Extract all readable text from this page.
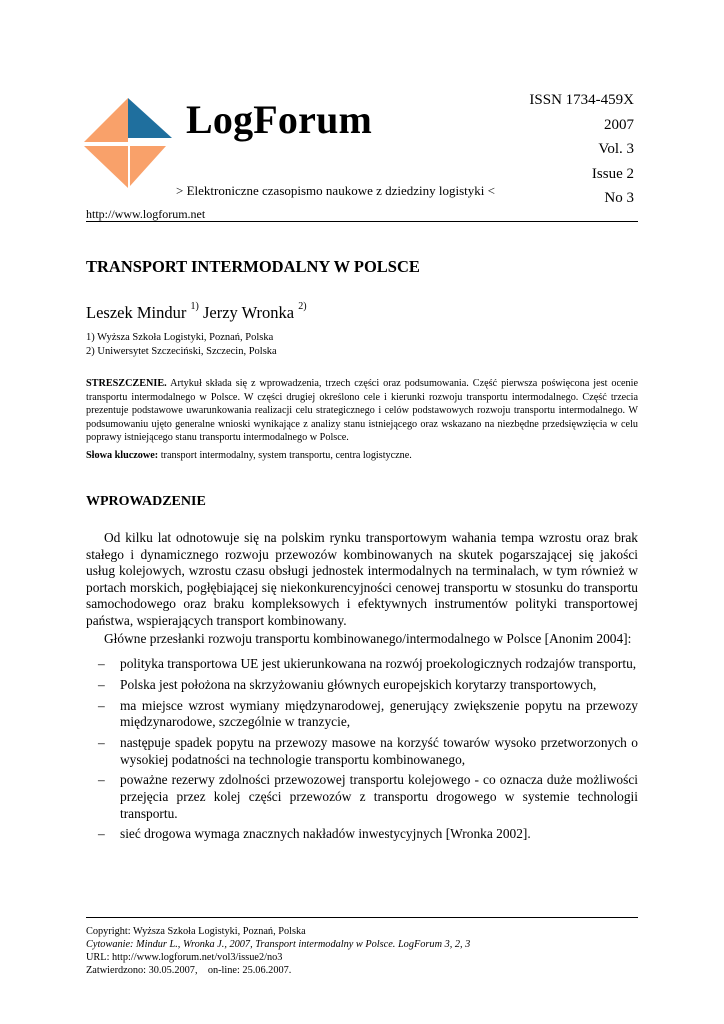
LogForum
> Elektroniczne czasopismo naukowe z dziedziny logistyki <
ISSN 1734-459X
2007
Vol. 3
Issue 2
No 3
http://www.logforum.net
TRANSPORT INTERMODALNY W POLSCE
Leszek Mindur $^{1)}$ Jerzy Wronka $^{2)}$
1) Wyższa Szkoła Logistyki, Poznań, Polska
2) Uniwersytet Szczeciński, Szczecin, Polska
STRESZCZENIE. Artykuł składa się z wprowadzenia, trzech części oraz podsumowania. Część pierwsza poświęcona jest ocenie transportu intermodalnego w Polsce. W części drugiej określono cele i kierunki rozwoju transportu intermodalnego. Część trzecia prezentuje podstawowe uwarunkowania realizacji celu strategicznego i celów podstawowych rozwoju transportu intermodalnego. W podsumowaniu ujęto generalne wnioski wynikające z analizy stanu istniejącego oraz wskazano na niezbędne przedsięwzięcia w celu poprawy istniejącego stanu transportu intermodalnego w Polsce.
Słowa kluczowe: transport intermodalny, system transportu, centra logistyczne.
WPROWADZENIE

Od kilku lat odnotowuje się na polskim rynku transportowym wahania tempa wzrostu oraz brak stałego i dynamicznego rozwoju przewozów kombinowanych na skutek pogarszającej się jakości usług kolejowych, wzrostu czasu obsługi jednostek intermodalnych na terminalach, w tym również w portach morskich, pogłębiającej się niekonkurencyjności cenowej transportu w stosunku do transportu samochodowego oraz braku kompleksowych i efektywnych instrumentów polityki transportowej państwa, wspierających transport kombinowany.

Główne przesłanki rozwoju transportu kombinowanego/intermodalnego w Polsce [Anonim 2004]:
– polityka transportowa UE jest ukierunkowana na rozwój proekologicznych rodzajów transportu,
– Polska jest położona na skrzyżowaniu głównych europejskich korytarzy transportowych,
– ma miejsce wzrost wymiany międzynarodowej, generujący zwiększenie popytu na przewozy międzynarodowe, szczególnie w tranzycie,
– następuje spadek popytu na przewozy masowe na korzyść towarów wysoko przetworzonych o wysokiej podatności na technologie transportu kombinowanego,
– poważne rezerwy zdolności przewozowej transportu kolejowego - co oznacza duże możliwości przejęcia przez kolej części przewozów z transportu drogowego w systemie technologii transportu.
– sieć drogowa wymaga znacznych nakładów inwestycyjnych [Wronka 2002].
Copyright: Wyższa Szkoła Logistyki, Poznań, Polska
Cytowanie: Mindur L., Wronka J., 2007, Transport intermodalny w Polsce. LogForum 3, 2, 3
URL: http://www.logforum.net/vol3/issue2/no3
Zatwierdzono: 30.05.2007,    on-line: 25.06.2007.
